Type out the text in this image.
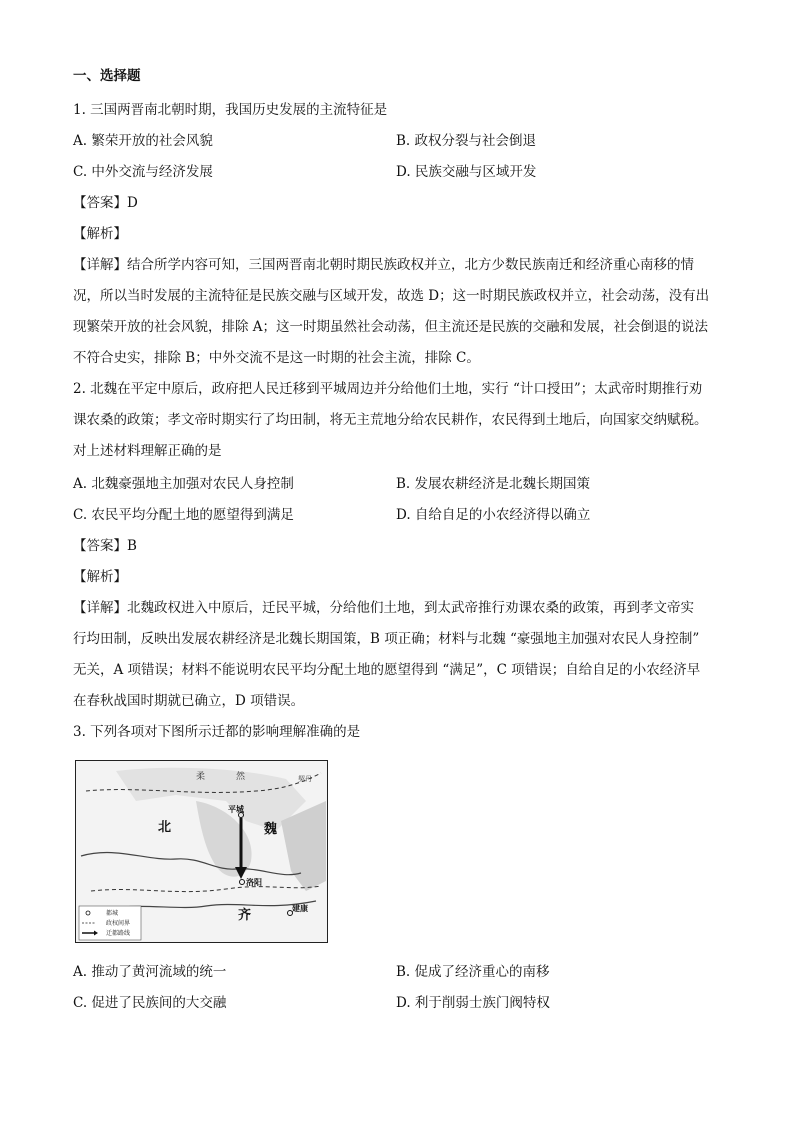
一、选择题
1. 三国两晋南北朝时期，我国历史发展的主流特征是
A. 繁荣开放的社会风貌	B. 政权分裂与社会倒退
C. 中外交流与经济发展	D. 民族交融与区域开发
【答案】D
【解析】
【详解】结合所学内容可知，三国两晋南北朝时期民族政权并立，北方少数民族南迁和经济重心南移的情
况，所以当时发展的主流特征是民族交融与区域开发，故选 D；这一时期民族政权并立，社会动荡，没有出
现繁荣开放的社会风貌，排除 A；这一时期虽然社会动荡，但主流还是民族的交融和发展，社会倒退的说法
不符合史实，排除 B；中外交流不是这一时期的社会主流，排除 C。
2. 北魏在平定中原后，政府把人民迁移到平城周边并分给他们土地，实行 “计口授田”；太武帝时期推行劝
课农桑的政策；孝文帝时期实行了均田制，将无主荒地分给农民耕作，农民得到土地后，向国家交纳赋税。
对上述材料理解正确的是
A. 北魏豪强地主加强对农民人身控制	B. 发展农耕经济是北魏长期国策
C. 农民平均分配土地的愿望得到满足	D. 自给自足的小农经济得以确立
【答案】B
【解析】
【详解】北魏政权进入中原后，迁民平城，分给他们土地，到太武帝推行劝课农桑的政策，再到孝文帝实
行均田制，反映出发展农耕经济是北魏长期国策，B 项正确；材料与北魏 “豪强地主加强对农民人身控制”
无关，A 项错误；材料不能说明农民平均分配土地的愿望得到 “满足”，C 项错误；自给自足的小农经济早
在春秋战国时期就已确立，D 项错误。
3. 下列各项对下图所示迁都的影响理解准确的是
柔	然	契丹
平城
北	魏
洛阳
齐	建康
都城
政权间界
迁都路线
A. 推动了黄河流域的统一	B. 促成了经济重心的南移
C. 促进了民族间的大交融	D. 利于削弱士族门阀特权
